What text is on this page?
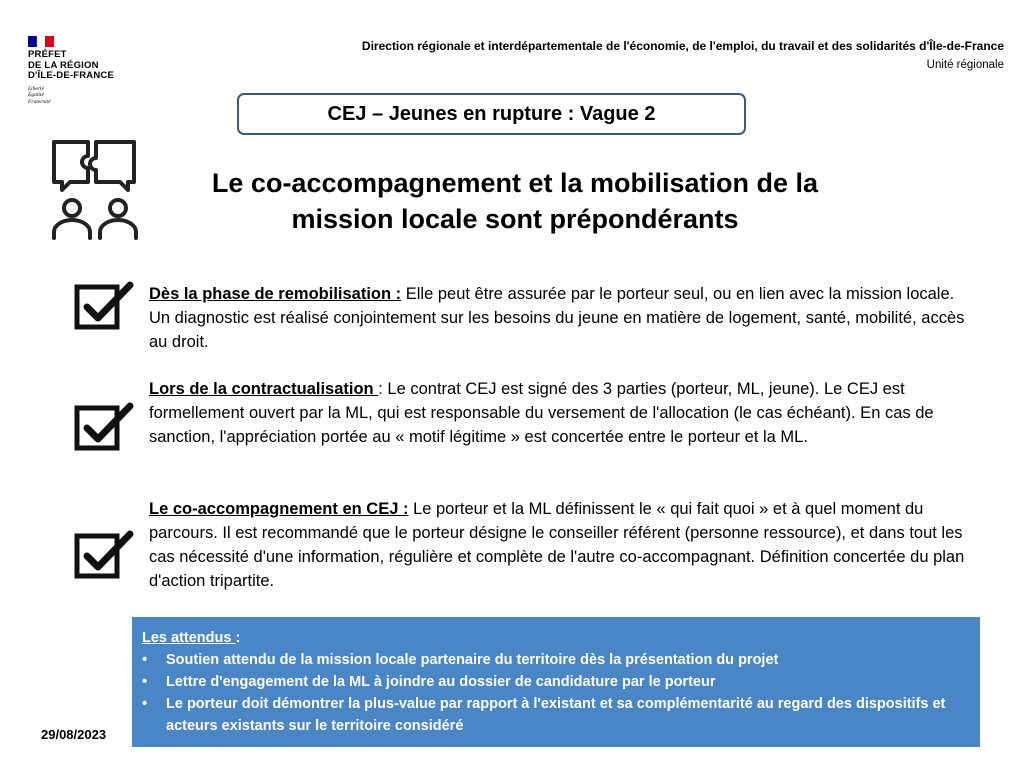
PRÉFET
DE LA RÉGION
D'ÎLE-DE-FRANCE
Liberté
Égalité
Fraternité
Direction régionale et interdépartementale de l'économie, de l'emploi, du travail et des solidarités d'Île-de-France
Unité régionale
CEJ – Jeunes en rupture : Vague 2
Le co-accompagnement et la mobilisation de la
mission locale sont prépondérants
Dès la phase de remobilisation : Elle peut être assurée par le porteur seul, ou en lien avec la mission locale. Un diagnostic est réalisé conjointement sur les besoins du jeune en matière de logement, santé, mobilité, accès au droit.
Lors de la contractualisation : Le contrat CEJ est signé des 3 parties (porteur, ML, jeune). Le CEJ est formellement ouvert par la ML, qui est responsable du versement de l'allocation (le cas échéant). En cas de sanction, l'appréciation portée au « motif légitime » est concertée entre le porteur et la ML.
Le co-accompagnement en CEJ : Le porteur et la ML définissent le « qui fait quoi » et à quel moment du parcours. Il est recommandé que le porteur désigne le conseiller référent (personne ressource), et dans tout les cas nécessité d'une information, régulière et complète de l'autre co-accompagnant. Définition concertée du plan d'action tripartite.
Les attendus :
• Soutien attendu de la mission locale partenaire du territoire dès la présentation du projet
• Lettre d'engagement de la ML à joindre au dossier de candidature par le porteur
• Le porteur doit démontrer la plus-value par rapport à l'existant et sa complémentarité au regard des dispositifs et acteurs existants sur le territoire considéré
29/08/2023
